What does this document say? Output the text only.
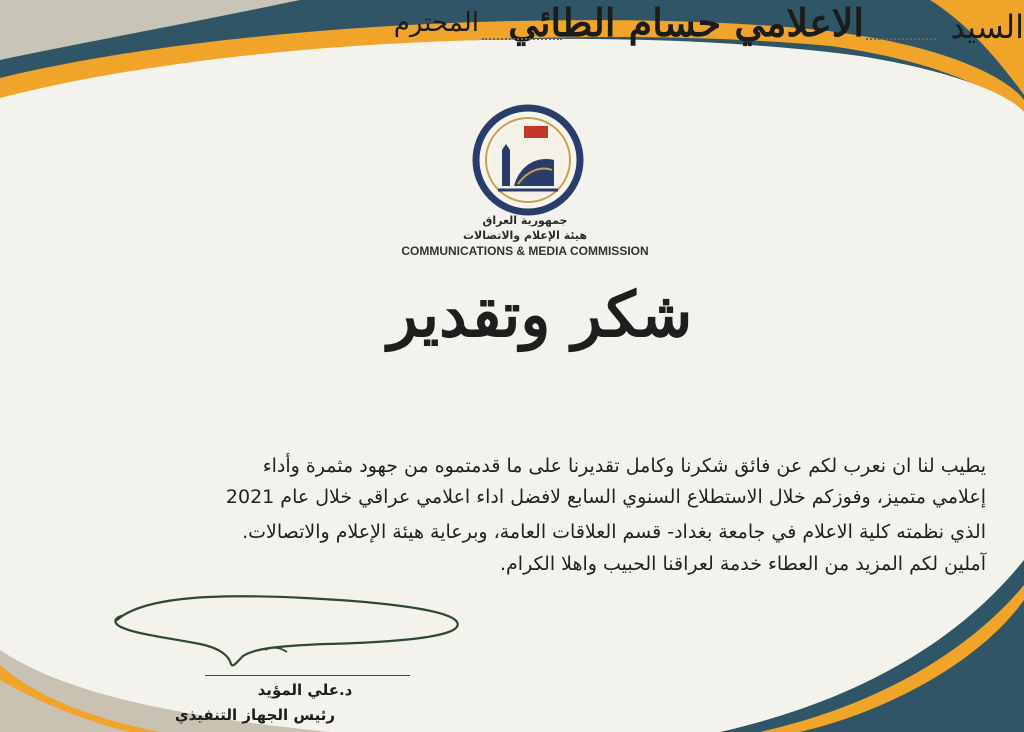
جمهورية العراق
هيئة الإعلام والاتصالات
COMMUNICATIONS & MEDIA COMMISSION
شكر وتقدير
السيد
الاعلامي حسام الطائي
المحترم
يطيب لنا ان نعرب لكم عن فائق شكرنا وكامل تقديرنا على ما قدمتموه من جهود مثمرة وأداء
إعلامي متميز، وفوزكم خلال الاستطلاع السنوي السابع لافضل اداء اعلامي عراقي خلال عام 2021
الذي نظمته كلية الاعلام في جامعة بغداد- قسم العلاقات العامة، وبرعاية هيئة الإعلام والاتصالات.
آملين لكم المزيد من العطاء خدمة لعراقنا الحبيب واهلا الكرام.
د.علي المؤيد
رئيس الجهاز التنفيذي
